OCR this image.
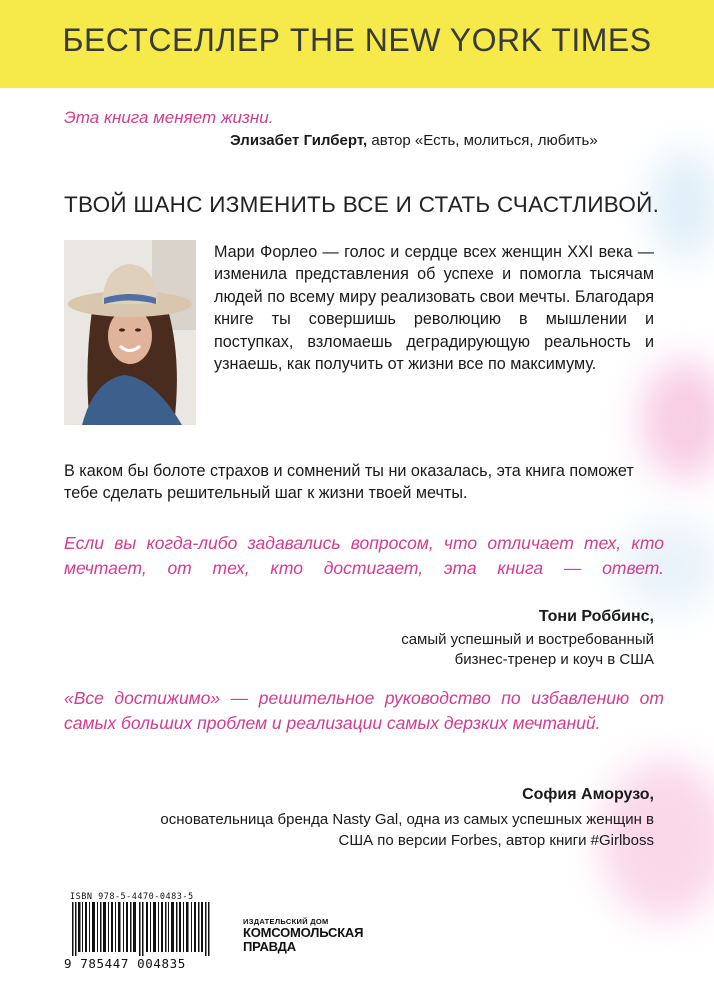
БЕСТСЕЛЛЕР THE NEW YORK TIMES
Эта книга меняет жизни.
Элизабет Гилберт, автор «Есть, молиться, любить»
ТВОЙ ШАНС ИЗМЕНИТЬ ВСЕ И СТАТЬ СЧАСТЛИВОЙ.
Мари Форлео — голос и сердце всех женщин XXI века — изменила представления об успехе и помогла тысячам людей по всему миру реализовать свои мечты. Благодаря книге ты совершишь революцию в мышлении и поступках, взломаешь деградирующую реальность и узнаешь, как получить от жизни все по максимуму.
В каком бы болоте страхов и сомнений ты ни оказалась, эта книга поможет тебе сделать решительный шаг к жизни твоей мечты.
Если вы когда-либо задавались вопросом, что отличает тех, кто мечтает, от тех, кто достигает, эта книга — ответ.
Тони Роббинс,
самый успешный и востребованный бизнес-тренер и коуч в США
«Все достижимо» — решительное руководство по избавлению от самых больших проблем и реализации самых дерзких мечтаний.
София Аморузо,
основательница бренда Nasty Gal, одна из самых успешных женщин в США по версии Forbes, автор книги #Girlboss
ISBN 978-5-4470-0483-5
9 785447 004835
ИЗДАТЕЛЬСКИЙ ДОМ
КОМСОМОЛЬСКАЯ
ПРАВДА
